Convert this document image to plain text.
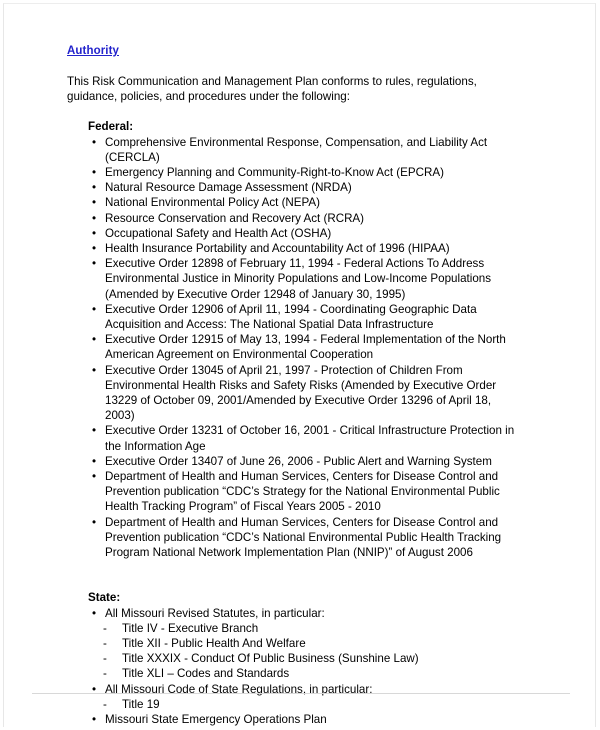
Authority

This Risk Communication and Management Plan conforms to rules, regulations, guidance, policies, and procedures under the following:

Federal:
• Comprehensive Environmental Response, Compensation, and Liability Act (CERCLA)
• Emergency Planning and Community-Right-to-Know Act (EPCRA)
• Natural Resource Damage Assessment (NRDA)
• National Environmental Policy Act (NEPA)
• Resource Conservation and Recovery Act (RCRA)
• Occupational Safety and Health Act (OSHA)
• Health Insurance Portability and Accountability Act of 1996 (HIPAA)
• Executive Order 12898 of February 11, 1994 - Federal Actions To Address Environmental Justice in Minority Populations and Low-Income Populations (Amended by Executive Order 12948 of January 30, 1995)
• Executive Order 12906 of April 11, 1994 - Coordinating Geographic Data Acquisition and Access: The National Spatial Data Infrastructure
• Executive Order 12915 of May 13, 1994 - Federal Implementation of the North American Agreement on Environmental Cooperation
• Executive Order 13045 of April 21, 1997 - Protection of Children From Environmental Health Risks and Safety Risks (Amended by Executive Order 13229 of October 09, 2001/Amended by Executive Order 13296 of April 18, 2003)
• Executive Order 13231 of October 16, 2001 - Critical Infrastructure Protection in the Information Age
• Executive Order 13407 of June 26, 2006 - Public Alert and Warning System
• Department of Health and Human Services, Centers for Disease Control and Prevention publication “CDC’s Strategy for the National Environmental Public Health Tracking Program” of Fiscal Years 2005 - 2010
• Department of Health and Human Services, Centers for Disease Control and Prevention publication “CDC’s National Environmental Public Health Tracking Program National Network Implementation Plan (NNIP)” of August 2006
State:
• All Missouri Revised Statutes, in particular:
- Title IV - Executive Branch
- Title XII - Public Health And Welfare
- Title XXXIX - Conduct Of Public Business (Sunshine Law)
- Title XLI – Codes and Standards
• All Missouri Code of State Regulations, in particular:
- Title 19
• Missouri State Emergency Operations Plan
